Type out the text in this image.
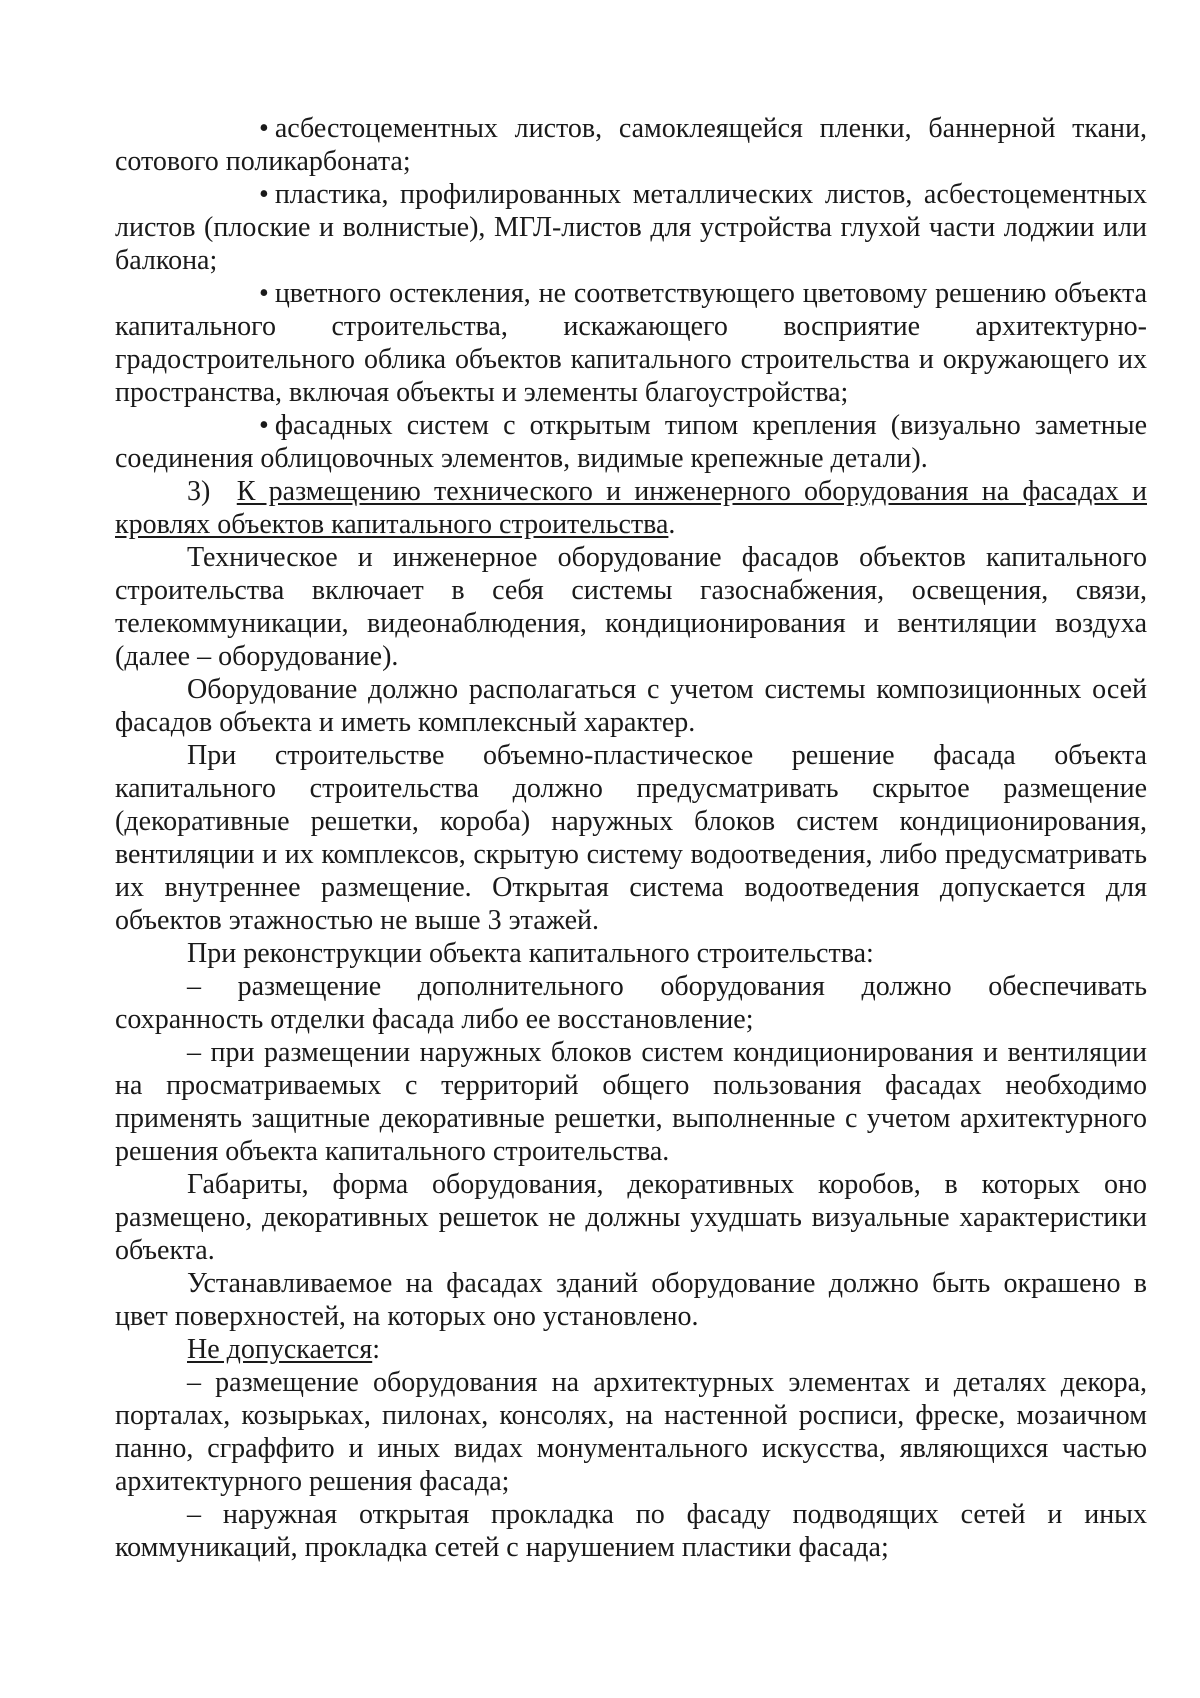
• асбестоцементных листов, самоклеящейся пленки, баннерной ткани, сотового поликарбоната;

• пластика, профилированных металлических листов, асбестоцементных листов (плоские и волнистые), МГЛ-листов для устройства глухой части лоджии или балкона;

• цветного остекления, не соответствующего цветовому решению объекта капитального строительства, искажающего восприятие архитектурно-градостроительного облика объектов капитального строительства и окружающего их пространства, включая объекты и элементы благоустройства;

• фасадных систем с открытым типом крепления (визуально заметные соединения облицовочных элементов, видимые крепежные детали).

3) К размещению технического и инженерного оборудования на фасадах и кровлях объектов капитального строительства.

Техническое и инженерное оборудование фасадов объектов капитального строительства включает в себя системы газоснабжения, освещения, связи, телекоммуникации, видеонаблюдения, кондиционирования и вентиляции воздуха (далее – оборудование).

Оборудование должно располагаться с учетом системы композиционных осей фасадов объекта и иметь комплексный характер.

При строительстве объемно-пластическое решение фасада объекта капитального строительства должно предусматривать скрытое размещение (декоративные решетки, короба) наружных блоков систем кондиционирования, вентиляции и их комплексов, скрытую систему водоотведения, либо предусматривать их внутреннее размещение. Открытая система водоотведения допускается для объектов этажностью не выше 3 этажей.

При реконструкции объекта капитального строительства:

– размещение дополнительного оборудования должно обеспечивать сохранность отделки фасада либо ее восстановление;

– при размещении наружных блоков систем кондиционирования и вентиляции на просматриваемых с территорий общего пользования фасадах необходимо применять защитные декоративные решетки, выполненные с учетом архитектурного решения объекта капитального строительства.

Габариты, форма оборудования, декоративных коробов, в которых оно размещено, декоративных решеток не должны ухудшать визуальные характеристики объекта.

Устанавливаемое на фасадах зданий оборудование должно быть окрашено в цвет поверхностей, на которых оно установлено.

Не допускается:

– размещение оборудования на архитектурных элементах и деталях декора, порталах, козырьках, пилонах, консолях, на настенной росписи, фреске, мозаичном панно, сграффито и иных видах монументального искусства, являющихся частью архитектурного решения фасада;

– наружная открытая прокладка по фасаду подводящих сетей и иных коммуникаций, прокладка сетей с нарушением пластики фасада;
